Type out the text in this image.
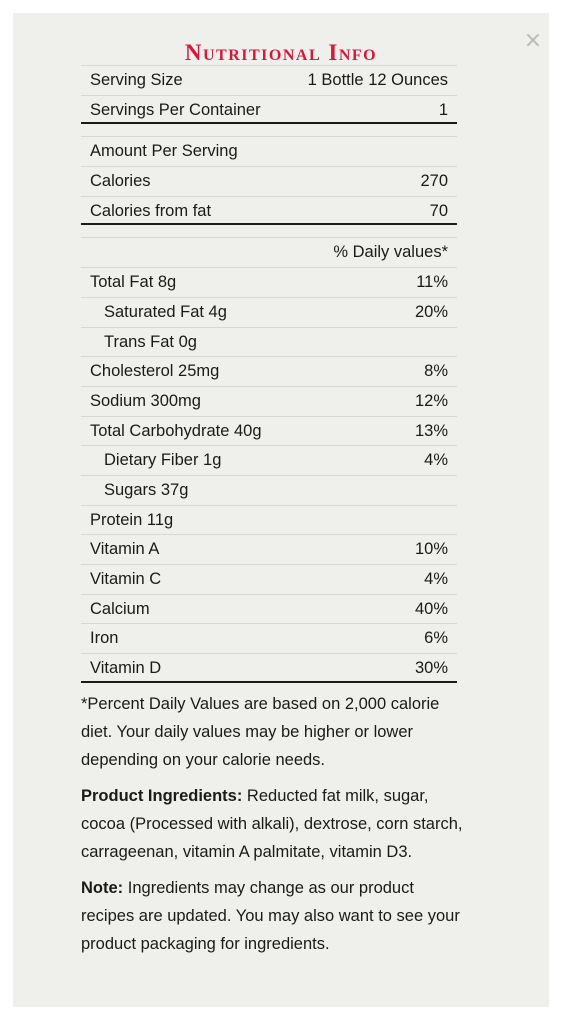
×
Nutritional Info
Serving Size	1 Bottle 12 Ounces
Servings Per Container	1
Amount Per Serving
Calories	270
Calories from fat	70
% Daily values*
Total Fat 8g	11%
Saturated Fat 4g	20%
Trans Fat 0g
Cholesterol 25mg	8%
Sodium 300mg	12%
Total Carbohydrate 40g	13%
Dietary Fiber 1g	4%
Sugars 37g
Protein 11g
Vitamin A	10%
Vitamin C	4%
Calcium	40%
Iron	6%
Vitamin D	30%

*Percent Daily Values are based on 2,000 calorie diet. Your daily values may be higher or lower depending on your calorie needs.

Product Ingredients: Reducted fat milk, sugar, cocoa (Processed with alkali), dextrose, corn starch, carrageenan, vitamin A palmitate, vitamin D3.

Note: Ingredients may change as our product recipes are updated. You may also want to see your product packaging for ingredients.
